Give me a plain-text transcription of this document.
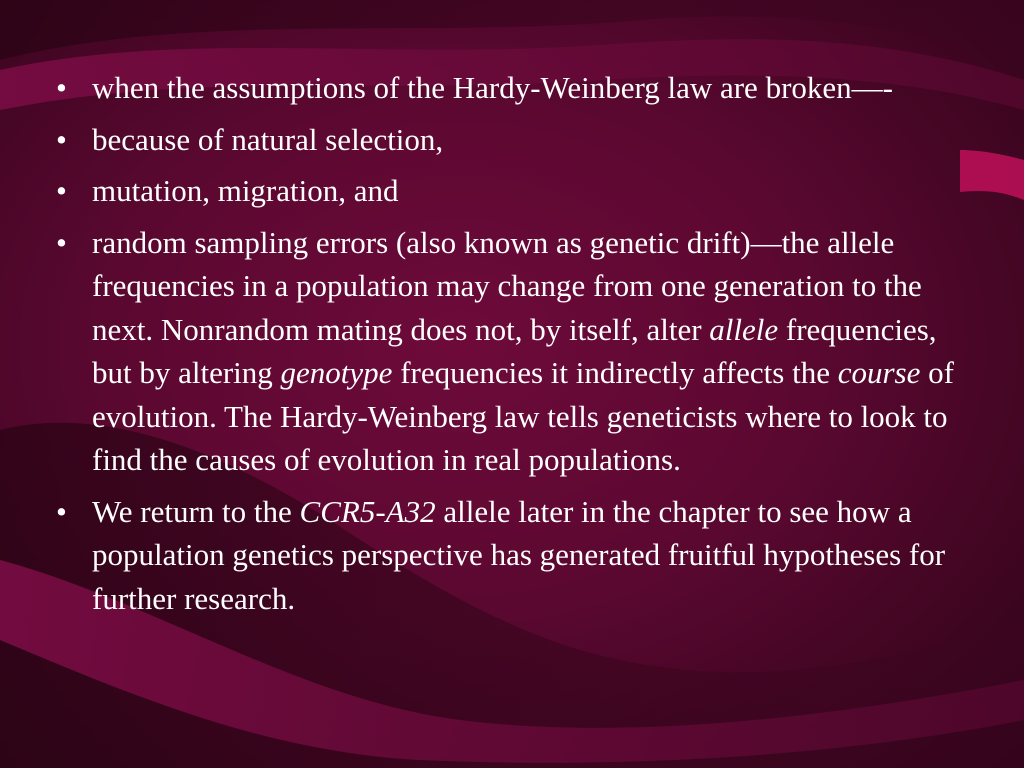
• when the assumptions of the Hardy-Weinberg law are broken—-
• because of natural selection,
• mutation, migration, and
• random sampling errors (also known as genetic drift)—the allele frequencies in a population may change from one generation to the next. Nonrandom mating does not, by itself, alter allele frequencies, but by altering genotype frequencies it indirectly affects the course of evolution. The Hardy-Weinberg law tells geneticists where to look to find the causes of evolution in real populations.
• We return to the CCR5-A32 allele later in the chapter to see how a population genetics perspective has generated fruitful hypotheses for further research.
